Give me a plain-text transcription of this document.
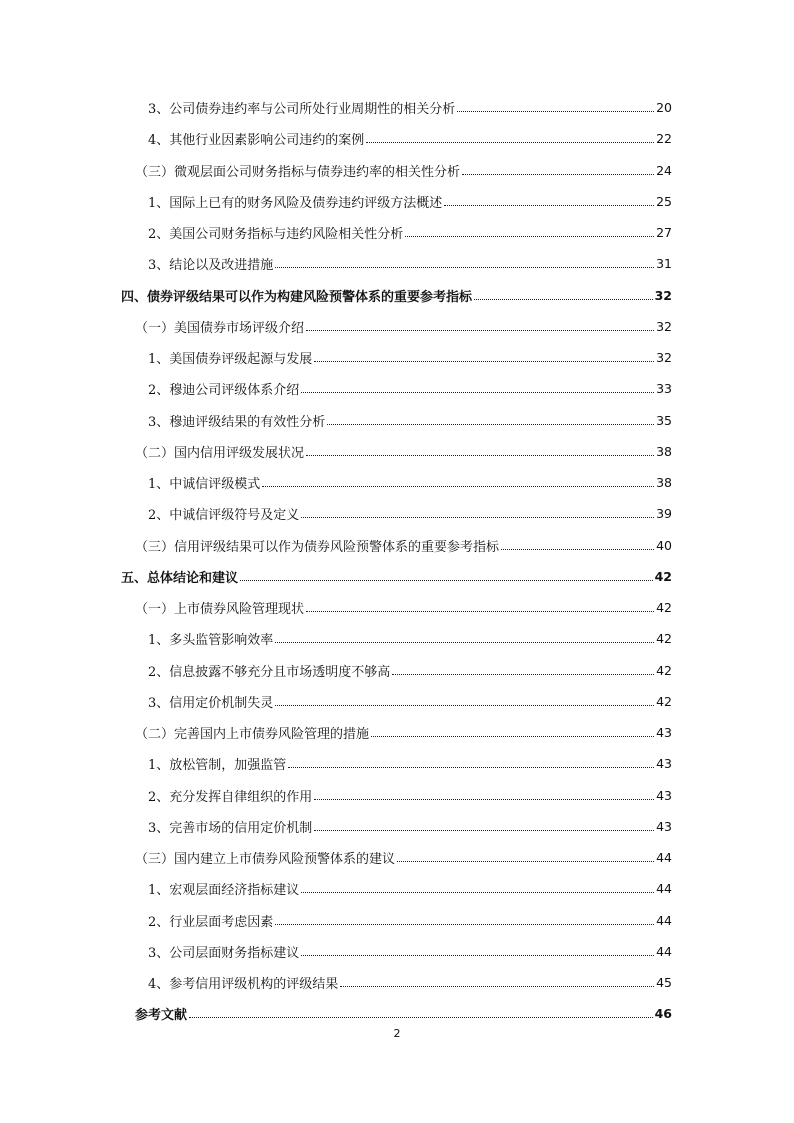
3、公司债券违约率与公司所处行业周期性的相关分析	20
4、其他行业因素影响公司违约的案例	22
（三）微观层面公司财务指标与债券违约率的相关性分析	24
1、国际上已有的财务风险及债券违约评级方法概述	25
2、美国公司财务指标与违约风险相关性分析	27
3、结论以及改进措施	31
四、债券评级结果可以作为构建风险预警体系的重要参考指标	32
（一）美国债券市场评级介绍	32
1、美国债券评级起源与发展	32
2、穆迪公司评级体系介绍	33
3、穆迪评级结果的有效性分析	35
（二）国内信用评级发展状况	38
1、中诚信评级模式	38
2、中诚信评级符号及定义	39
（三）信用评级结果可以作为债券风险预警体系的重要参考指标	40
五、总体结论和建议	42
（一）上市债券风险管理现状	42
1、多头监管影响效率	42
2、信息披露不够充分且市场透明度不够高	42
3、信用定价机制失灵	42
（二）完善国内上市债券风险管理的措施	43
1、放松管制，加强监管	43
2、充分发挥自律组织的作用	43
3、完善市场的信用定价机制	43
（三）国内建立上市债券风险预警体系的建议	44
1、宏观层面经济指标建议	44
2、行业层面考虑因素	44
3、公司层面财务指标建议	44
4、参考信用评级机构的评级结果	45
参考文献	46
2
